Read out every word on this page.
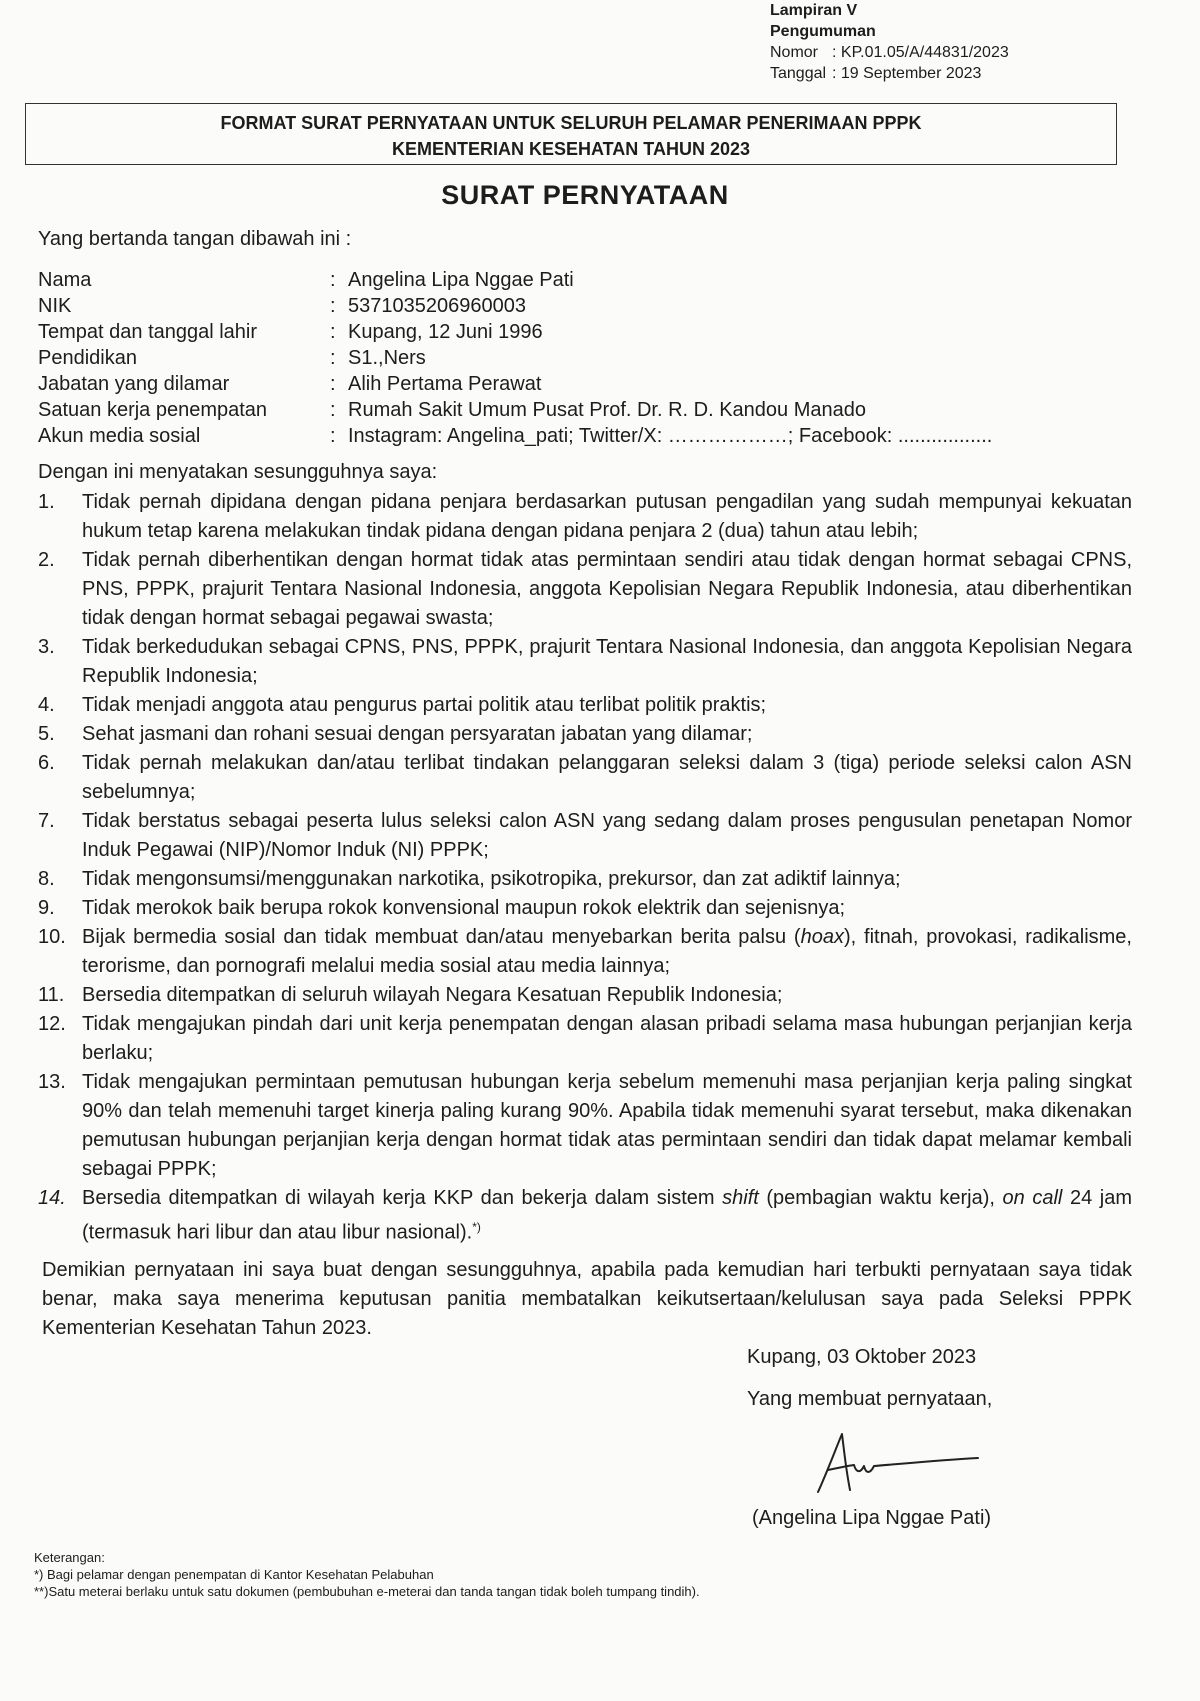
Lampiran V
Pengumuman
Nomor : KP.01.05/A/44831/2023
Tanggal : 19 September 2023
FORMAT SURAT PERNYATAAN UNTUK SELURUH PELAMAR PENERIMAAN PPPK
KEMENTERIAN KESEHATAN TAHUN 2023
SURAT PERNYATAAN
Yang bertanda tangan dibawah ini :
Nama	: Angelina Lipa Nggae Pati
NIK	: 5371035206960003
Tempat dan tanggal lahir	: Kupang, 12 Juni 1996
Pendidikan	: S1.,Ners
Jabatan yang dilamar	: Alih Pertama Perawat
Satuan kerja penempatan	: Rumah Sakit Umum Pusat Prof. Dr. R. D. Kandou Manado
Akun media sosial	: Instagram: Angelina_pati; Twitter/X: ………………; Facebook: .................
Dengan ini menyatakan sesungguhnya saya:
1.	Tidak pernah dipidana dengan pidana penjara berdasarkan putusan pengadilan yang sudah mempunyai kekuatan hukum tetap karena melakukan tindak pidana dengan pidana penjara 2 (dua) tahun atau lebih;
2.	Tidak pernah diberhentikan dengan hormat tidak atas permintaan sendiri atau tidak dengan hormat sebagai CPNS, PNS, PPPK, prajurit Tentara Nasional Indonesia, anggota Kepolisian Negara Republik Indonesia, atau diberhentikan tidak dengan hormat sebagai pegawai swasta;
3.	Tidak berkedudukan sebagai CPNS, PNS, PPPK, prajurit Tentara Nasional Indonesia, dan anggota Kepolisian Negara Republik Indonesia;
4.	Tidak menjadi anggota atau pengurus partai politik atau terlibat politik praktis;
5.	Sehat jasmani dan rohani sesuai dengan persyaratan jabatan yang dilamar;
6.	Tidak pernah melakukan dan/atau terlibat tindakan pelanggaran seleksi dalam 3 (tiga) periode seleksi calon ASN sebelumnya;
7.	Tidak berstatus sebagai peserta lulus seleksi calon ASN yang sedang dalam proses pengusulan penetapan Nomor Induk Pegawai (NIP)/Nomor Induk (NI) PPPK;
8.	Tidak mengonsumsi/menggunakan narkotika, psikotropika, prekursor, dan zat adiktif lainnya;
9.	Tidak merokok baik berupa rokok konvensional maupun rokok elektrik dan sejenisnya;
10. Bijak bermedia sosial dan tidak membuat dan/atau menyebarkan berita palsu (hoax), fitnah, provokasi, radikalisme, terorisme, dan pornografi melalui media sosial atau media lainnya;
11. Bersedia ditempatkan di seluruh wilayah Negara Kesatuan Republik Indonesia;
12. Tidak mengajukan pindah dari unit kerja penempatan dengan alasan pribadi selama masa hubungan perjanjian kerja berlaku;
13. Tidak mengajukan permintaan pemutusan hubungan kerja sebelum memenuhi masa perjanjian kerja paling singkat 90% dan telah memenuhi target kinerja paling kurang 90%. Apabila tidak memenuhi syarat tersebut, maka dikenakan pemutusan hubungan perjanjian kerja dengan hormat tidak atas permintaan sendiri dan tidak dapat melamar kembali sebagai PPPK;
14. Bersedia ditempatkan di wilayah kerja KKP dan bekerja dalam sistem shift (pembagian waktu kerja), on call 24 jam (termasuk hari libur dan atau libur nasional).*)
Demikian pernyataan ini saya buat dengan sesungguhnya, apabila pada kemudian hari terbukti pernyataan saya tidak benar, maka saya menerima keputusan panitia membatalkan keikutsertaan/kelulusan saya pada Seleksi PPPK Kementerian Kesehatan Tahun 2023.
Kupang, 03 Oktober 2023
Yang membuat pernyataan,
(Angelina Lipa Nggae Pati)
Keterangan:
*) Bagi pelamar dengan penempatan di Kantor Kesehatan Pelabuhan
**)Satu meterai berlaku untuk satu dokumen (pembubuhan e-meterai dan tanda tangan tidak boleh tumpang tindih).
